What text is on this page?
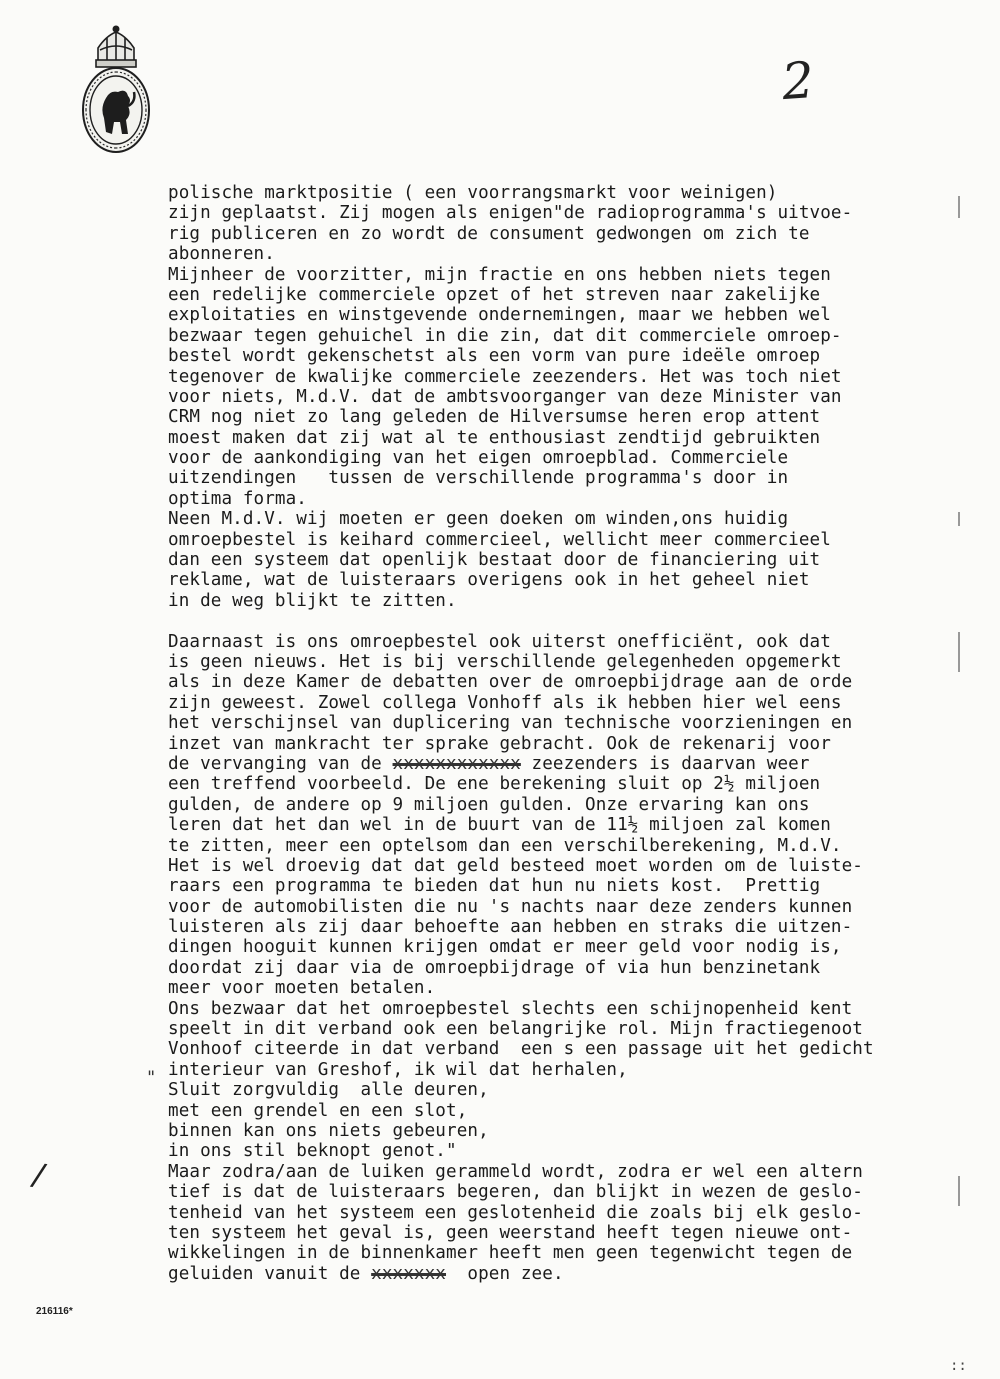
2
polische marktpositie ( een voorrangsmarkt voor weinigen)
zijn geplaatst. Zij mogen als enigen"de radioprogramma's uitvoe-
rig publiceren en zo wordt de consument gedwongen om zich te
abonneren.
Mijnheer de voorzitter, mijn fractie en ons hebben niets tegen
een redelijke commerciele opzet of het streven naar zakelijke
exploitaties en winstgevende ondernemingen, maar we hebben wel
bezwaar tegen gehuichel in die zin, dat dit commerciele omroep-
bestel wordt gekenschetst als een vorm van pure ideële omroep
tegenover de kwalijke commerciele zeezenders. Het was toch niet
voor niets, M.d.V. dat de ambtsvoorganger van deze Minister van
CRM nog niet zo lang geleden de Hilversumse heren erop attent
moest maken dat zij wat al te enthousiast zendtijd gebruikten
voor de aankondiging van het eigen omroepblad. Commerciele
uitzendingen   tussen de verschillende programma's door in
optima forma.
Neen M.d.V. wij moeten er geen doeken om winden,ons huidig
omroepbestel is keihard commercieel, wellicht meer commercieel
dan een systeem dat openlijk bestaat door de financiering uit
reklame, wat de luisteraars overigens ook in het geheel niet
in de weg blijkt te zitten.
Daarnaast is ons omroepbestel ook uiterst onefficiënt, ook dat
is geen nieuws. Het is bij verschillende gelegenheden opgemerkt
als in deze Kamer de debatten over de omroepbijdrage aan de orde
zijn geweest. Zowel collega Vonhoff als ik hebben hier wel eens
het verschijnsel van duplicering van technische voorzieningen en
inzet van mankracht ter sprake gebracht. Ook de rekenarij voor
de vervanging van de xxxxxxxxxxxx zeezenders is daarvan weer
een treffend voorbeeld. De ene berekening sluit op 2½ miljoen
gulden, de andere op 9 miljoen gulden. Onze ervaring kan ons
leren dat het dan wel in de buurt van de 11½ miljoen zal komen
te zitten, meer een optelsom dan een verschilberekening, M.d.V.
Het is wel droevig dat dat geld besteed moet worden om de luiste-
raars een programma te bieden dat hun nu niets kost.  Prettig
voor de automobilisten die nu 's nachts naar deze zenders kunnen
luisteren als zij daar behoefte aan hebben en straks die uitzen-
dingen hooguit kunnen krijgen omdat er meer geld voor nodig is,
doordat zij daar via de omroepbijdrage of via hun benzinetank
meer voor moeten betalen.
Ons bezwaar dat het omroepbestel slechts een schijnopenheid kent
speelt in dit verband ook een belangrijke rol. Mijn fractiegenoot
Vonhoof citeerde in dat verband  een s een passage uit het gedicht
interieur van Greshof, ik wil dat herhalen,
Sluit zorgvuldig  alle deuren,
met een grendel en een slot,
binnen kan ons niets gebeuren,
in ons stil beknopt genot."
Maar zodra/aan de luiken gerammeld wordt, zodra er wel een altern
tief is dat de luisteraars begeren, dan blijkt in wezen de geslo-
tenheid van het systeem een geslotenheid die zoals bij elk geslo-
ten systeem het geval is, geen weerstand heeft tegen nieuwe ont-
wikkelingen in de binnenkamer heeft men geen tegenwicht tegen de
geluiden vanuit de xxxxxxx  open zee.
"
/
216116*
::
